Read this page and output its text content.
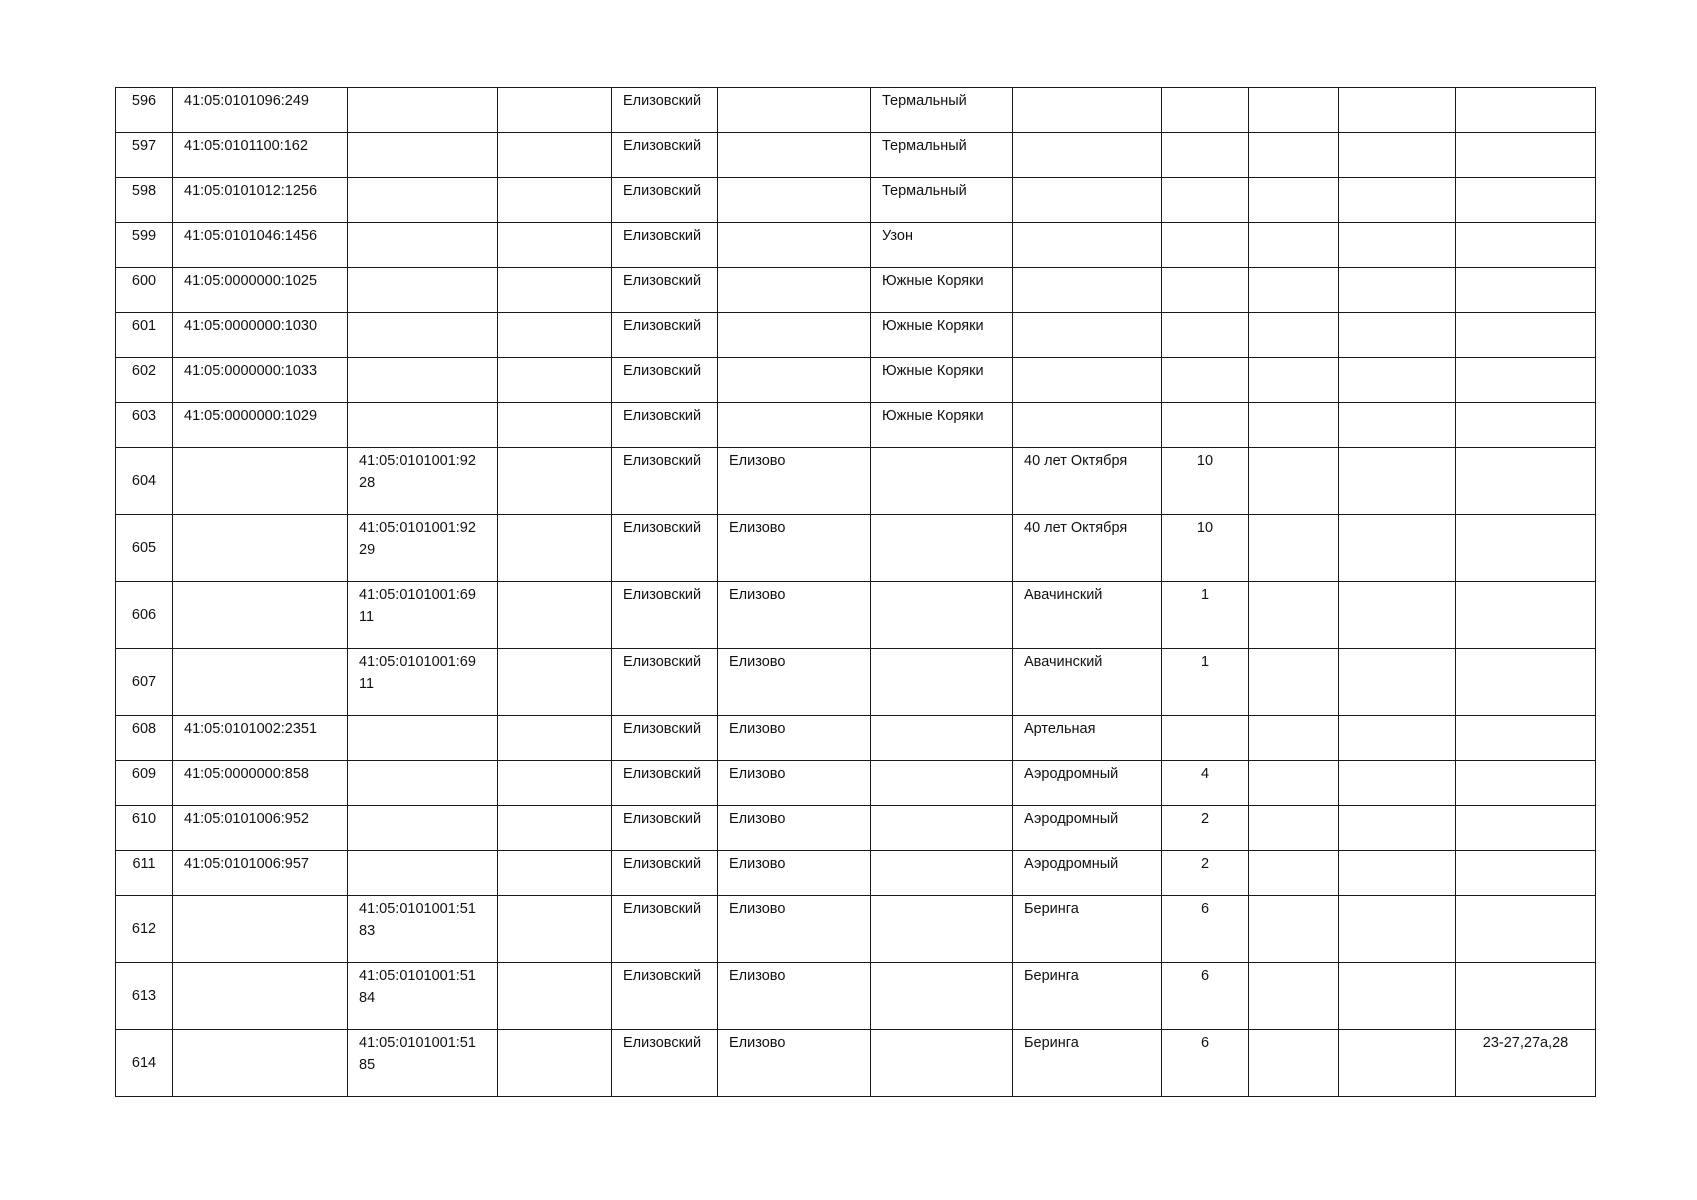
596	41:05:0101096:249			Елизовский		Термальный					
597	41:05:0101100:162			Елизовский		Термальный					
598	41:05:0101012:1256			Елизовский		Термальный					
599	41:05:0101046:1456			Елизовский		Узон					
600	41:05:0000000:1025			Елизовский		Южные Коряки					
601	41:05:0000000:1030			Елизовский		Южные Коряки					
602	41:05:0000000:1033			Елизовский		Южные Коряки					
603	41:05:0000000:1029			Елизовский		Южные Коряки					
604		41:05:0101001:9228		Елизовский	Елизово		40 лет Октября	10			
605		41:05:0101001:9229		Елизовский	Елизово		40 лет Октября	10			
606		41:05:0101001:6911		Елизовский	Елизово		Авачинский	1			
607		41:05:0101001:6911		Елизовский	Елизово		Авачинский	1			
608	41:05:0101002:2351			Елизовский	Елизово		Артельная				
609	41:05:0000000:858			Елизовский	Елизово		Аэродромный	4			
610	41:05:0101006:952			Елизовский	Елизово		Аэродромный	2			
611	41:05:0101006:957			Елизовский	Елизово		Аэродромный	2			
612		41:05:0101001:5183		Елизовский	Елизово		Беринга	6			
613		41:05:0101001:5184		Елизовский	Елизово		Беринга	6			
614		41:05:0101001:5185		Елизовский	Елизово		Беринга	6			23-27,27а,28
